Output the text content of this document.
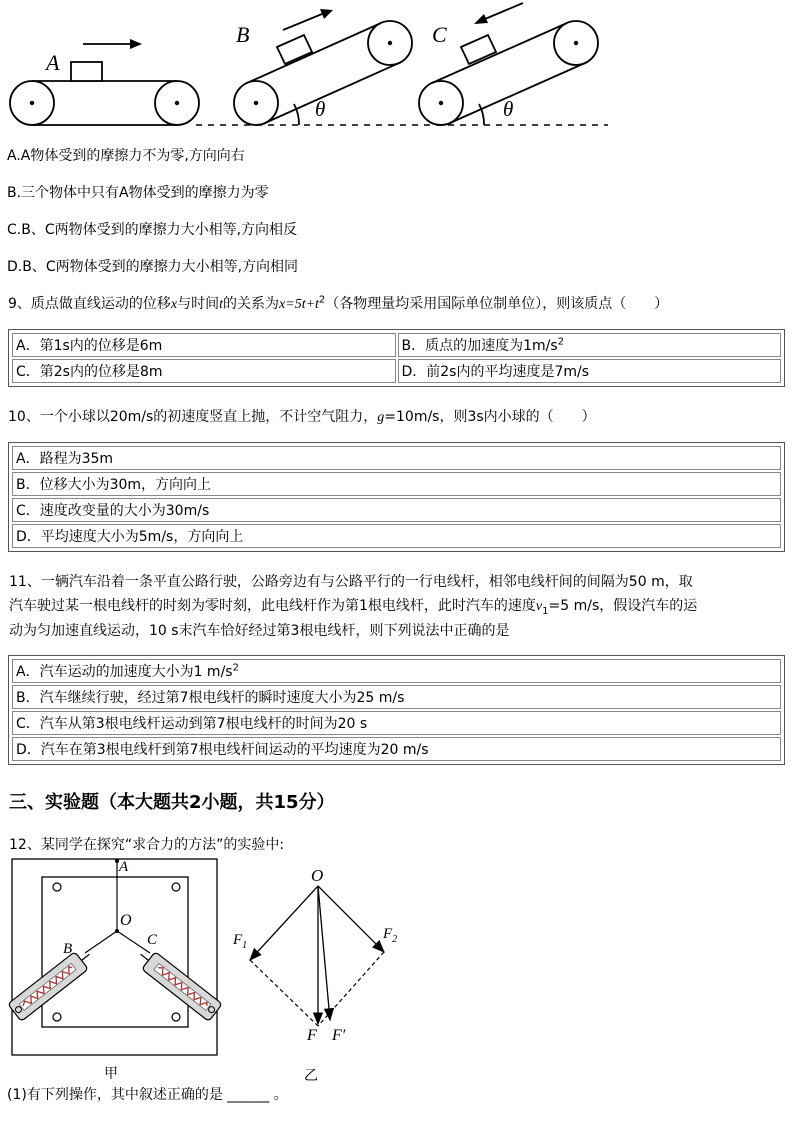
A
B	C
θ	θ
A.A物体受到的摩擦力不为零,方向向右
B.三个物体中只有A物体受到的摩擦力为零
C.B、C两物体受到的摩擦力大小相等,方向相反
D.B、C两物体受到的摩擦力大小相等,方向相同
9、质点做直线运动的位移x与时间t的关系为$x=5t+t^2$（各物理量均采用国际单位制单位），则该质点（　　）
A．第1s内的位移是6m	B．质点的加速度为$1m/s^2$
C．第2s内的位移是8m	D．前2s内的平均速度是7m/s
10、一个小球以20m/s的初速度竖直上抛，不计空气阻力，g=10m/s，则3s内小球的（　　）
A．路程为35m
B．位移大小为30m，方向向上
C．速度改变量的大小为30m/s
D．平均速度大小为5m/s，方向向上
11、一辆汽车沿着一条平直公路行驶，公路旁边有与公路平行的一行电线杆，相邻电线杆间的间隔为50 m，取
汽车驶过某一根电线杆的时刻为零时刻，此电线杆作为第1根电线杆，此时汽车的速度$v_1=5$ m/s，假设汽车的运
动为匀加速直线运动，10 s末汽车恰好经过第3根电线杆，则下列说法中正确的是
A．汽车运动的加速度大小为1 $m/s^2$
B．汽车继续行驶，经过第7根电线杆的瞬时速度大小为25 m/s
C．汽车从第3根电线杆运动到第7根电线杆的时间为20 s
D．汽车在第3根电线杆到第7根电线杆间运动的平均速度为20 m/s
三、实验题（本大题共2小题，共15分）
12、某同学在探究“求合力的方法”的实验中:
A
O
B
C
甲
O
$F_1$
$F_2$
F F′
乙
(1)有下列操作，其中叙述正确的是 ______ 。
